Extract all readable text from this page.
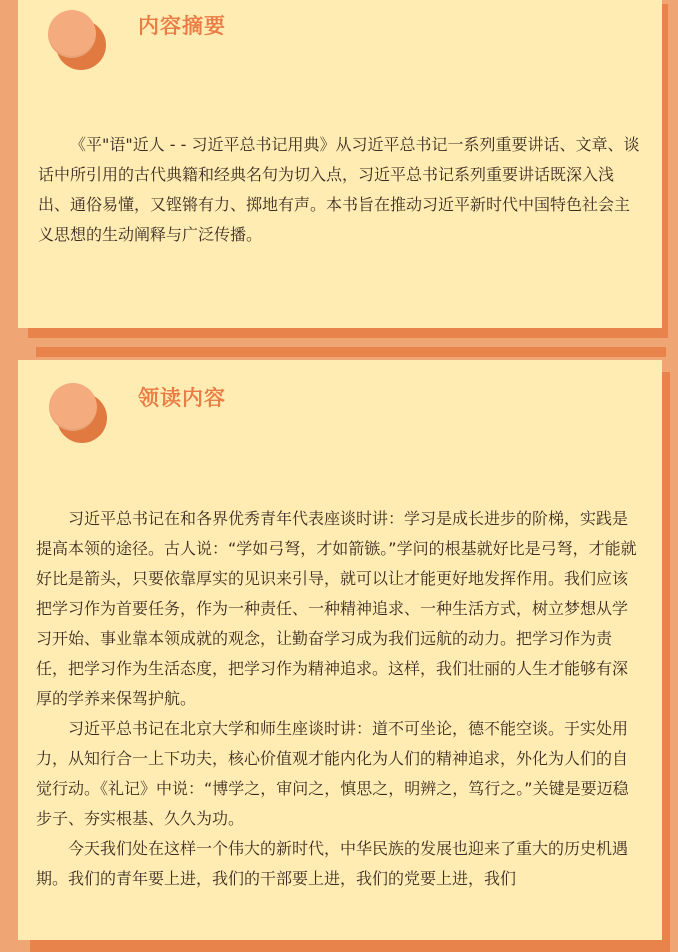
内容摘要

《平"语"近人 - - 习近平总书记用典》从习近平总书记一系列重要讲话、文章、谈话中所引用的古代典籍和经典名句为切入点，习近平总书记系列重要讲话既深入浅出、通俗易懂，又铿锵有力、掷地有声。本书旨在推动习近平新时代中国特色社会主义思想的生动阐释与广泛传播。

领读内容

习近平总书记在和各界优秀青年代表座谈时讲：学习是成长进步的阶梯，实践是提高本领的途径。古人说：“学如弓弩，才如箭镞。”学问的根基就好比是弓弩，才能就好比是箭头，只要依靠厚实的见识来引导，就可以让才能更好地发挥作用。我们应该把学习作为首要任务，作为一种责任、一种精神追求、一种生活方式，树立梦想从学习开始、事业靠本领成就的观念，让勤奋学习成为我们远航的动力。把学习作为责任，把学习作为生活态度，把学习作为精神追求。这样，我们壮丽的人生才能够有深厚的学养来保驾护航。

习近平总书记在北京大学和师生座谈时讲：道不可坐论，德不能空谈。于实处用力，从知行合一上下功夫，核心价值观才能内化为人们的精神追求，外化为人们的自觉行动。《礼记》中说：“博学之，审问之，慎思之，明辨之，笃行之。”关键是要迈稳步子、夯实根基、久久为功。

今天我们处在这样一个伟大的新时代，中华民族的发展也迎来了重大的历史机遇期。我们的青年要上进，我们的干部要上进，我们的党要上进，我们
